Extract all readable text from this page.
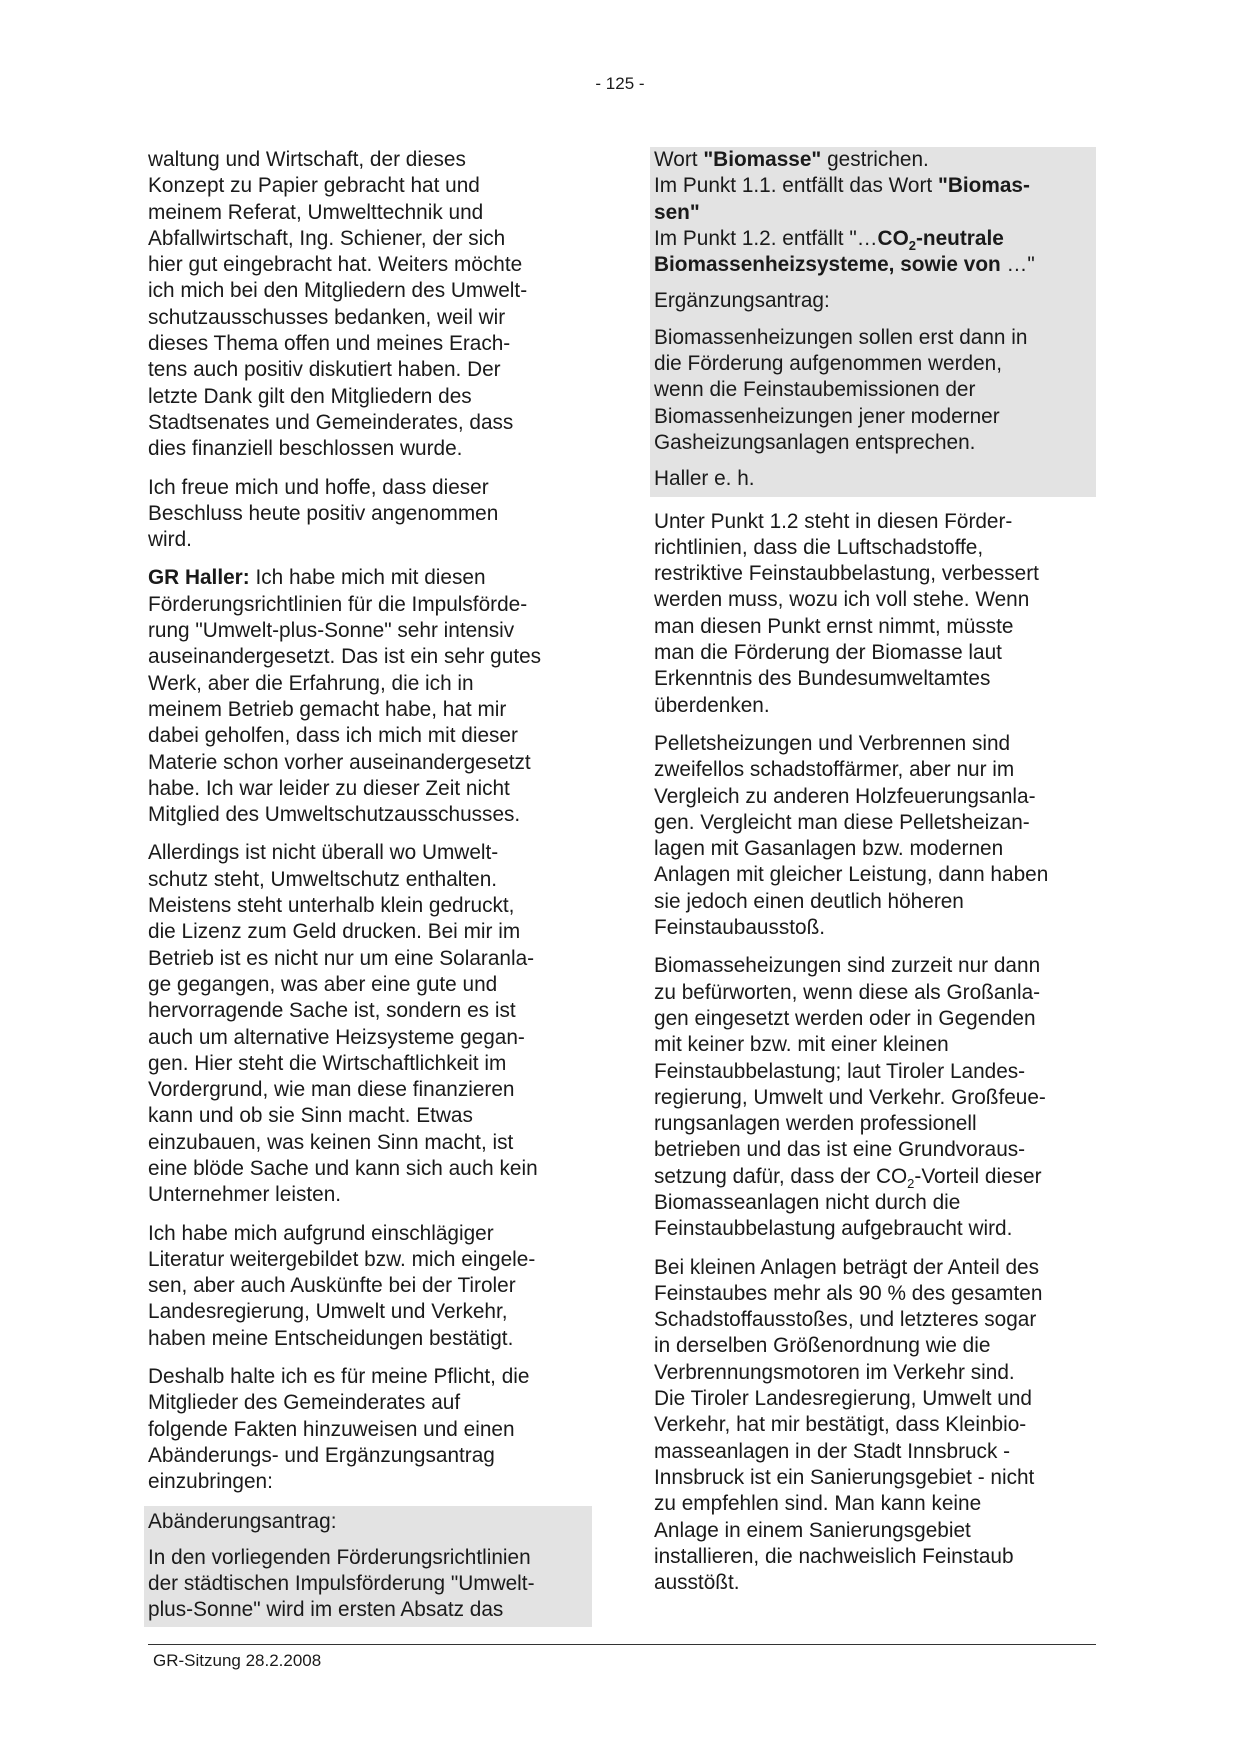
- 125 -

waltung und Wirtschaft, der dieses
Konzept zu Papier gebracht hat und
meinem Referat, Umwelttechnik und
Abfallwirtschaft, Ing. Schiener, der sich
hier gut eingebracht hat. Weiters möchte
ich mich bei den Mitgliedern des Umwelt-
schutzausschusses bedanken, weil wir
dieses Thema offen und meines Erach-
tens auch positiv diskutiert haben. Der
letzte Dank gilt den Mitgliedern des
Stadtsenates und Gemeinderates, dass
dies finanziell beschlossen wurde.

Ich freue mich und hoffe, dass dieser
Beschluss heute positiv angenommen
wird.

GR Haller: Ich habe mich mit diesen
Förderungsrichtlinien für die Impulsförde-
rung "Umwelt-plus-Sonne" sehr intensiv
auseinandergesetzt. Das ist ein sehr gutes
Werk, aber die Erfahrung, die ich in
meinem Betrieb gemacht habe, hat mir
dabei geholfen, dass ich mich mit dieser
Materie schon vorher auseinandergesetzt
habe. Ich war leider zu dieser Zeit nicht
Mitglied des Umweltschutzausschusses.

Allerdings ist nicht überall wo Umwelt-
schutz steht, Umweltschutz enthalten.
Meistens steht unterhalb klein gedruckt,
die Lizenz zum Geld drucken. Bei mir im
Betrieb ist es nicht nur um eine Solaranla-
ge gegangen, was aber eine gute und
hervorragende Sache ist, sondern es ist
auch um alternative Heizsysteme gegan-
gen. Hier steht die Wirtschaftlichkeit im
Vordergrund, wie man diese finanzieren
kann und ob sie Sinn macht. Etwas
einzubauen, was keinen Sinn macht, ist
eine blöde Sache und kann sich auch kein
Unternehmer leisten.

Ich habe mich aufgrund einschlägiger
Literatur weitergebildet bzw. mich eingele-
sen, aber auch Auskünfte bei der Tiroler
Landesregierung, Umwelt und Verkehr,
haben meine Entscheidungen bestätigt.

Deshalb halte ich es für meine Pflicht, die
Mitglieder des Gemeinderates auf
folgende Fakten hinzuweisen und einen
Abänderungs- und Ergänzungsantrag
einzubringen:

Abänderungsantrag:

In den vorliegenden Förderungsrichtlinien
der städtischen Impulsförderung "Umwelt-
plus-Sonne" wird im ersten Absatz das

Wort "Biomasse" gestrichen.
Im Punkt 1.1. entfällt das Wort "Biomas-
sen"
Im Punkt 1.2. entfällt "$\dots CO_2$-neutrale
Biomassenheizsysteme, sowie von …"

Ergänzungsantrag:

Biomassenheizungen sollen erst dann in
die Förderung aufgenommen werden,
wenn die Feinstaubemissionen der
Biomassenheizungen jener moderner
Gasheizungsanlagen entsprechen.

Haller e. h.

Unter Punkt 1.2 steht in diesen Förder-
richtlinien, dass die Luftschadstoffe,
restriktive Feinstaubbelastung, verbessert
werden muss, wozu ich voll stehe. Wenn
man diesen Punkt ernst nimmt, müsste
man die Förderung der Biomasse laut
Erkenntnis des Bundesumweltamtes
überdenken.

Pelletsheizungen und Verbrennen sind
zweifellos schadstoffärmer, aber nur im
Vergleich zu anderen Holzfeuerungsanla-
gen. Vergleicht man diese Pelletsheizan-
lagen mit Gasanlagen bzw. modernen
Anlagen mit gleicher Leistung, dann haben
sie jedoch einen deutlich höheren
Feinstaubausstoß.

Biomasseheizungen sind zurzeit nur dann
zu befürworten, wenn diese als Großanla-
gen eingesetzt werden oder in Gegenden
mit keiner bzw. mit einer kleinen
Feinstaubbelastung; laut Tiroler Landes-
regierung, Umwelt und Verkehr. Großfeue-
rungsanlagen werden professionell
betrieben und das ist eine Grundvoraus-
setzung dafür, dass der $CO_2$-Vorteil dieser
Biomasseanlagen nicht durch die
Feinstaubbelastung aufgebraucht wird.

Bei kleinen Anlagen beträgt der Anteil des
Feinstaubes mehr als 90 % des gesamten
Schadstoffausstoßes, und letzteres sogar
in derselben Größenordnung wie die
Verbrennungsmotoren im Verkehr sind.
Die Tiroler Landesregierung, Umwelt und
Verkehr, hat mir bestätigt, dass Kleinbio-
masseanlagen in der Stadt Innsbruck -
Innsbruck ist ein Sanierungsgebiet - nicht
zu empfehlen sind. Man kann keine
Anlage in einem Sanierungsgebiet
installieren, die nachweislich Feinstaub
ausstößt.

GR-Sitzung 28.2.2008
